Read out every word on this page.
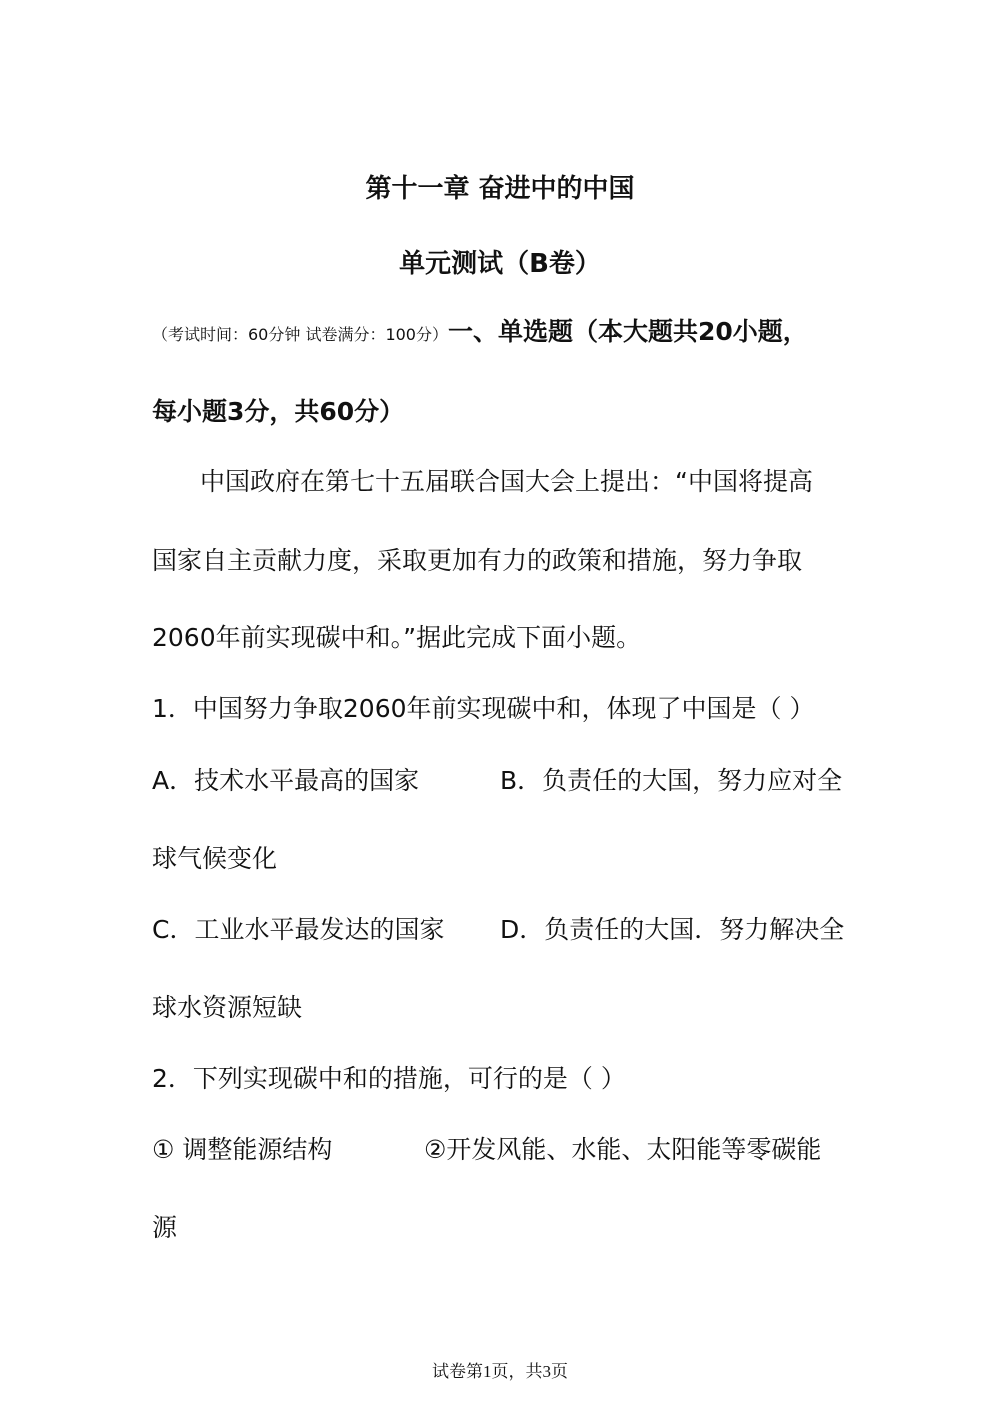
第十一章 奋进中的中国
单元测试（B卷）
（考试时间：60分钟 试卷满分：100分）一、单选题（本大题共20小题，
每小题3分，共60分）
中国政府在第七十五届联合国大会上提出：“中国将提高
国家自主贡献力度，采取更加有力的政策和措施，努力争取
2060年前实现碳中和。”据此完成下面小题。
1．中国努力争取2060年前实现碳中和，体现了中国是（ ）
A．技术水平最高的国家	B．负责任的大国，努力应对全
球气候变化
C．工业水平最发达的国家 D．负责任的大国．努力解决全
球水资源短缺
2．下列实现碳中和的措施，可行的是（ ）
① 调整能源结构	②开发风能、水能、太阳能等零碳能
源
试卷第1页，共3页
